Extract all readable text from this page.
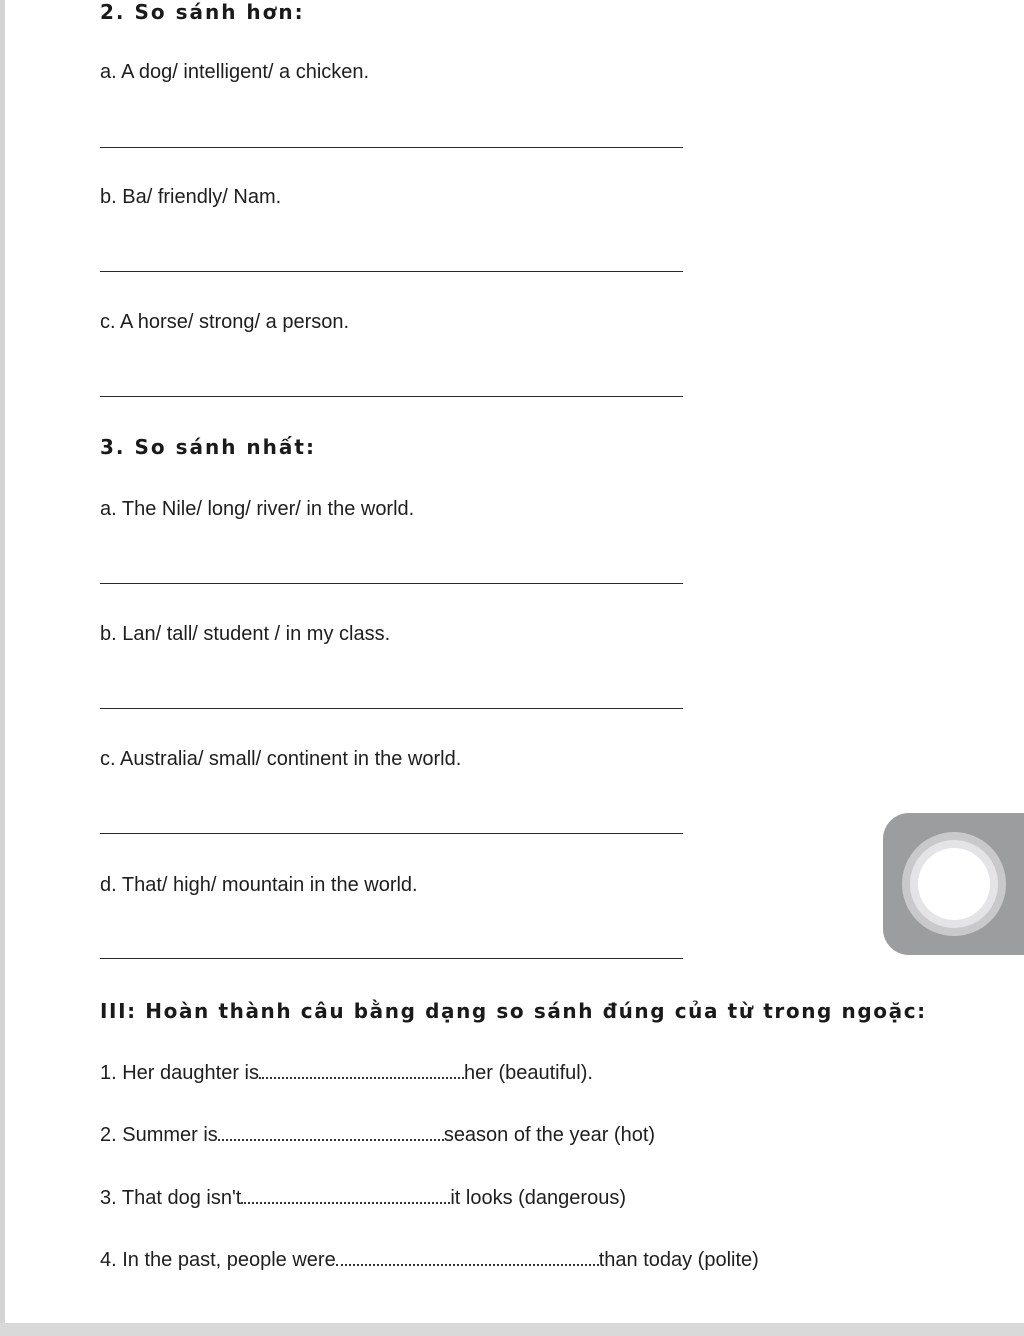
2. So sánh hơn:
a. A dog/ intelligent/ a chicken.
b. Ba/ friendly/ Nam.
c. A horse/ strong/ a person.
3. So sánh nhất:
a. The Nile/ long/ river/ in the world.
b. Lan/ tall/ student / in my class.
c. Australia/ small/ continent in the world.
d. That/ high/ mountain in the world.
III: Hoàn thành câu bằng dạng so sánh đúng của từ trong ngoặc:
1. Her daughter is	her (beautiful).
2. Summer is	season of the year (hot)
3. That dog isn't	it looks (dangerous)
4. In the past, people were	than today (polite)
